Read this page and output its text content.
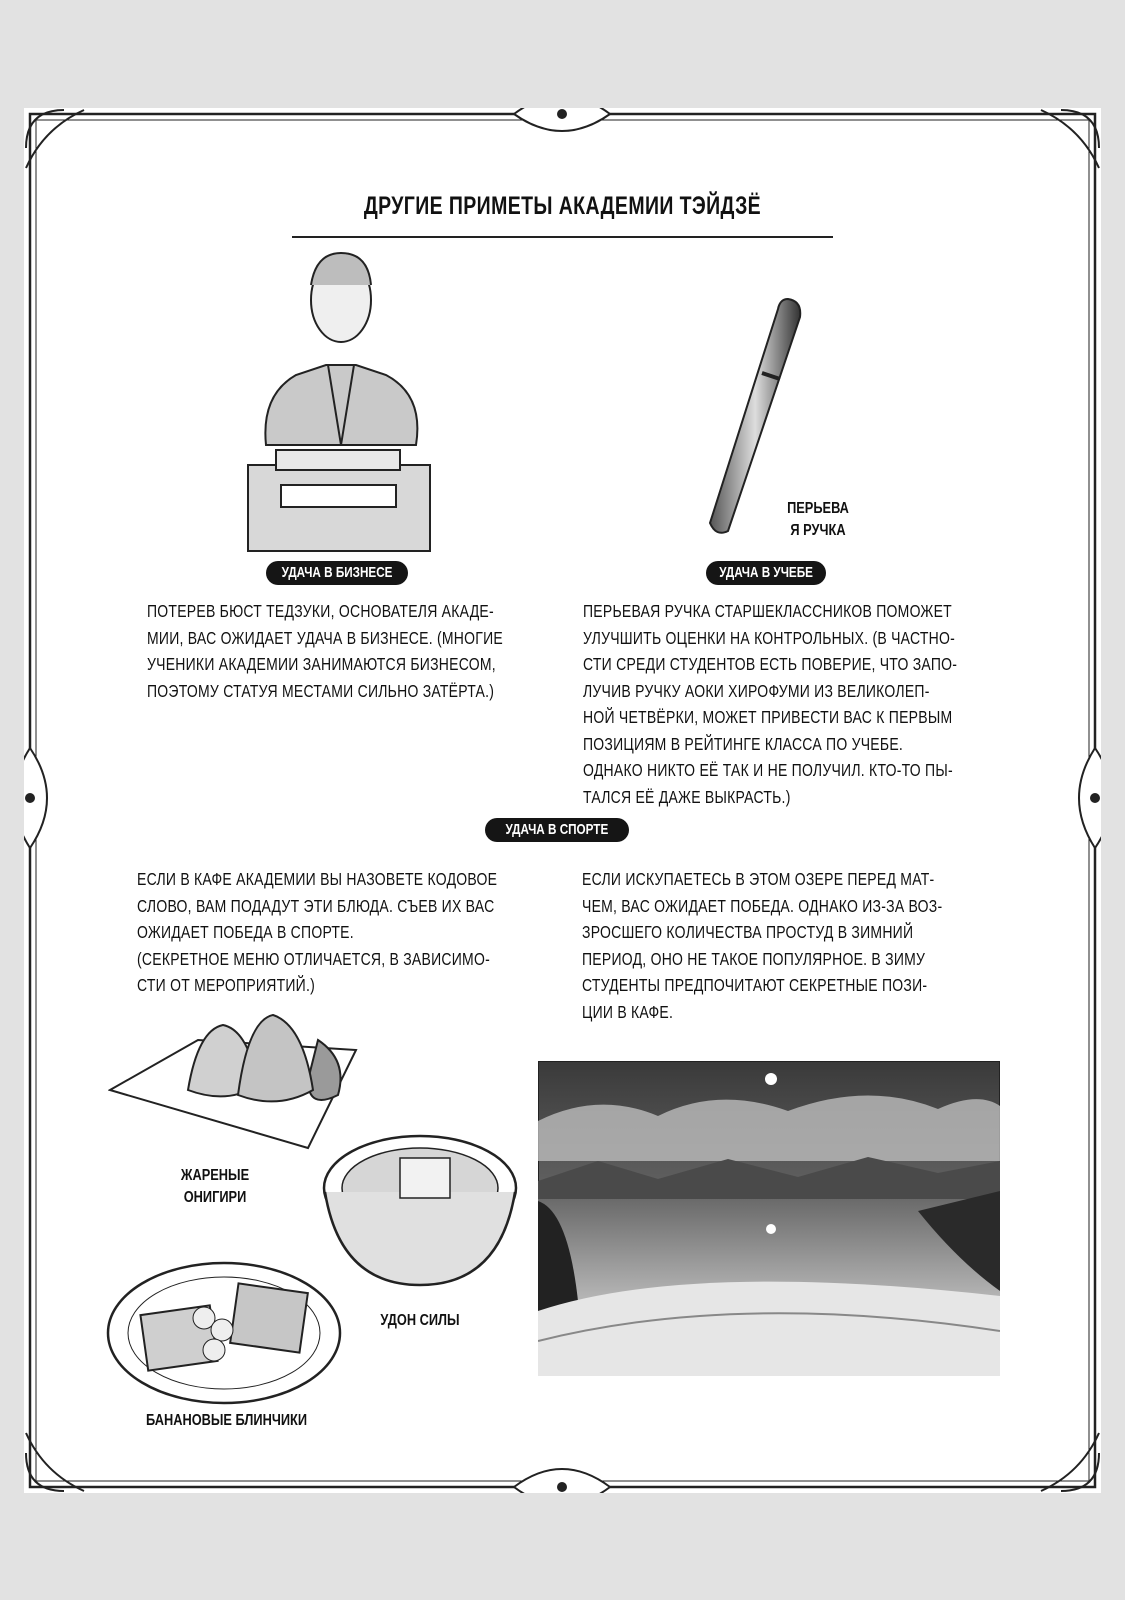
ДРУГИЕ ПРИМЕТЫ АКАДЕМИИ ТЭЙДЗЁ
ПЕРЬЕВА
Я РУЧКА
УДАЧА В БИЗНЕСЕ	УДАЧА В УЧЕБЕ
ПОТЕРЕВ БЮСТ ТЕДЗУКИ, ОСНОВАТЕЛЯ АКАДЕ-
МИИ, ВАС ОЖИДАЕТ УДАЧА В БИЗНЕСЕ. (МНОГИЕ
УЧЕНИКИ АКАДЕМИИ ЗАНИМАЮТСЯ БИЗНЕСОМ,
ПОЭТОМУ СТАТУЯ МЕСТАМИ СИЛЬНО ЗАТЁРТА.)
ПЕРЬЕВАЯ РУЧКА СТАРШЕКЛАССНИКОВ ПОМОЖЕТ
УЛУЧШИТЬ ОЦЕНКИ НА КОНТРОЛЬНЫХ. (В ЧАСТНО-
СТИ СРЕДИ СТУДЕНТОВ ЕСТЬ ПОВЕРИЕ, ЧТО ЗАПО-
ЛУЧИВ РУЧКУ АОКИ ХИРОФУМИ ИЗ ВЕЛИКОЛЕП-
НОЙ ЧЕТВЁРКИ, МОЖЕТ ПРИВЕСТИ ВАС К ПЕРВЫМ
ПОЗИЦИЯМ В РЕЙТИНГЕ КЛАССА ПО УЧЕБЕ.
ОДНАКО НИКТО ЕЁ ТАК И НЕ ПОЛУЧИЛ. КТО-ТО ПЫ-
ТАЛСЯ ЕЁ ДАЖЕ ВЫКРАСТЬ.)
УДАЧА В СПОРТЕ
ЕСЛИ В КАФЕ АКАДЕМИИ ВЫ НАЗОВЕТЕ КОДОВОЕ
СЛОВО, ВАМ ПОДАДУТ ЭТИ БЛЮДА. СЪЕВ ИХ ВАС
ОЖИДАЕТ ПОБЕДА В СПОРТЕ.
(СЕКРЕТНОЕ МЕНЮ ОТЛИЧАЕТСЯ, В ЗАВИСИМО-
СТИ ОТ МЕРОПРИЯТИЙ.)
ЕСЛИ ИСКУПАЕТЕСЬ В ЭТОМ ОЗЕРЕ ПЕРЕД МАТ-
ЧЕМ, ВАС ОЖИДАЕТ ПОБЕДА. ОДНАКО ИЗ-ЗА ВОЗ-
ЗРОСШЕГО КОЛИЧЕСТВА ПРОСТУД В ЗИМНИЙ
ПЕРИОД, ОНО НЕ ТАКОЕ ПОПУЛЯРНОЕ. В ЗИМУ
СТУДЕНТЫ ПРЕДПОЧИТАЮТ СЕКРЕТНЫЕ ПОЗИ-
ЦИИ В КАФЕ.
ЖАРЕНЫЕ
ОНИГИРИ
УДОН СИЛЫ
БАНАНОВЫЕ БЛИНЧИКИ
